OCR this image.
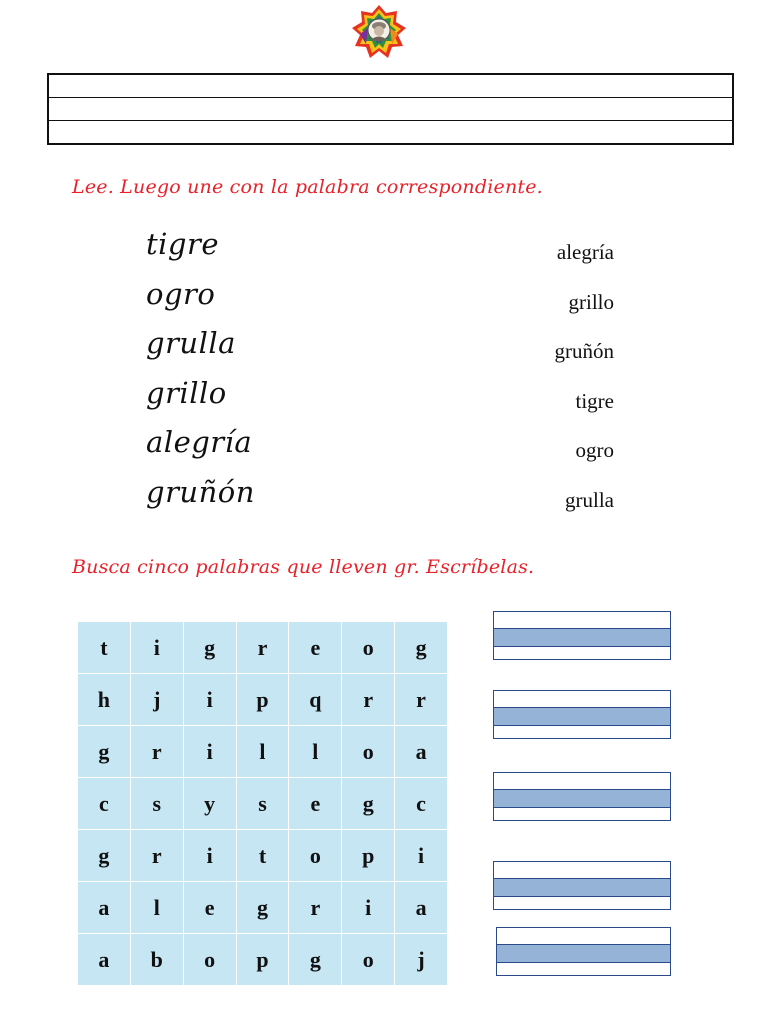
Lee. Luego une con la palabra correspondiente.
tigre
ogro
grulla
grillo
alegría
gruñón
alegría
grillo
gruñón
tigre
ogro
grulla
Busca cinco palabras que lleven gr. Escríbelas.
t	i	g	r	e	o	g
h	j	i	p	q	r	r
g	r	i	l	l	o	a
c	s	y	s	e	g	c
g	r	i	t	o	p	i
a	l	e	g	r	i	a
a	b	o	p	g	o	j
